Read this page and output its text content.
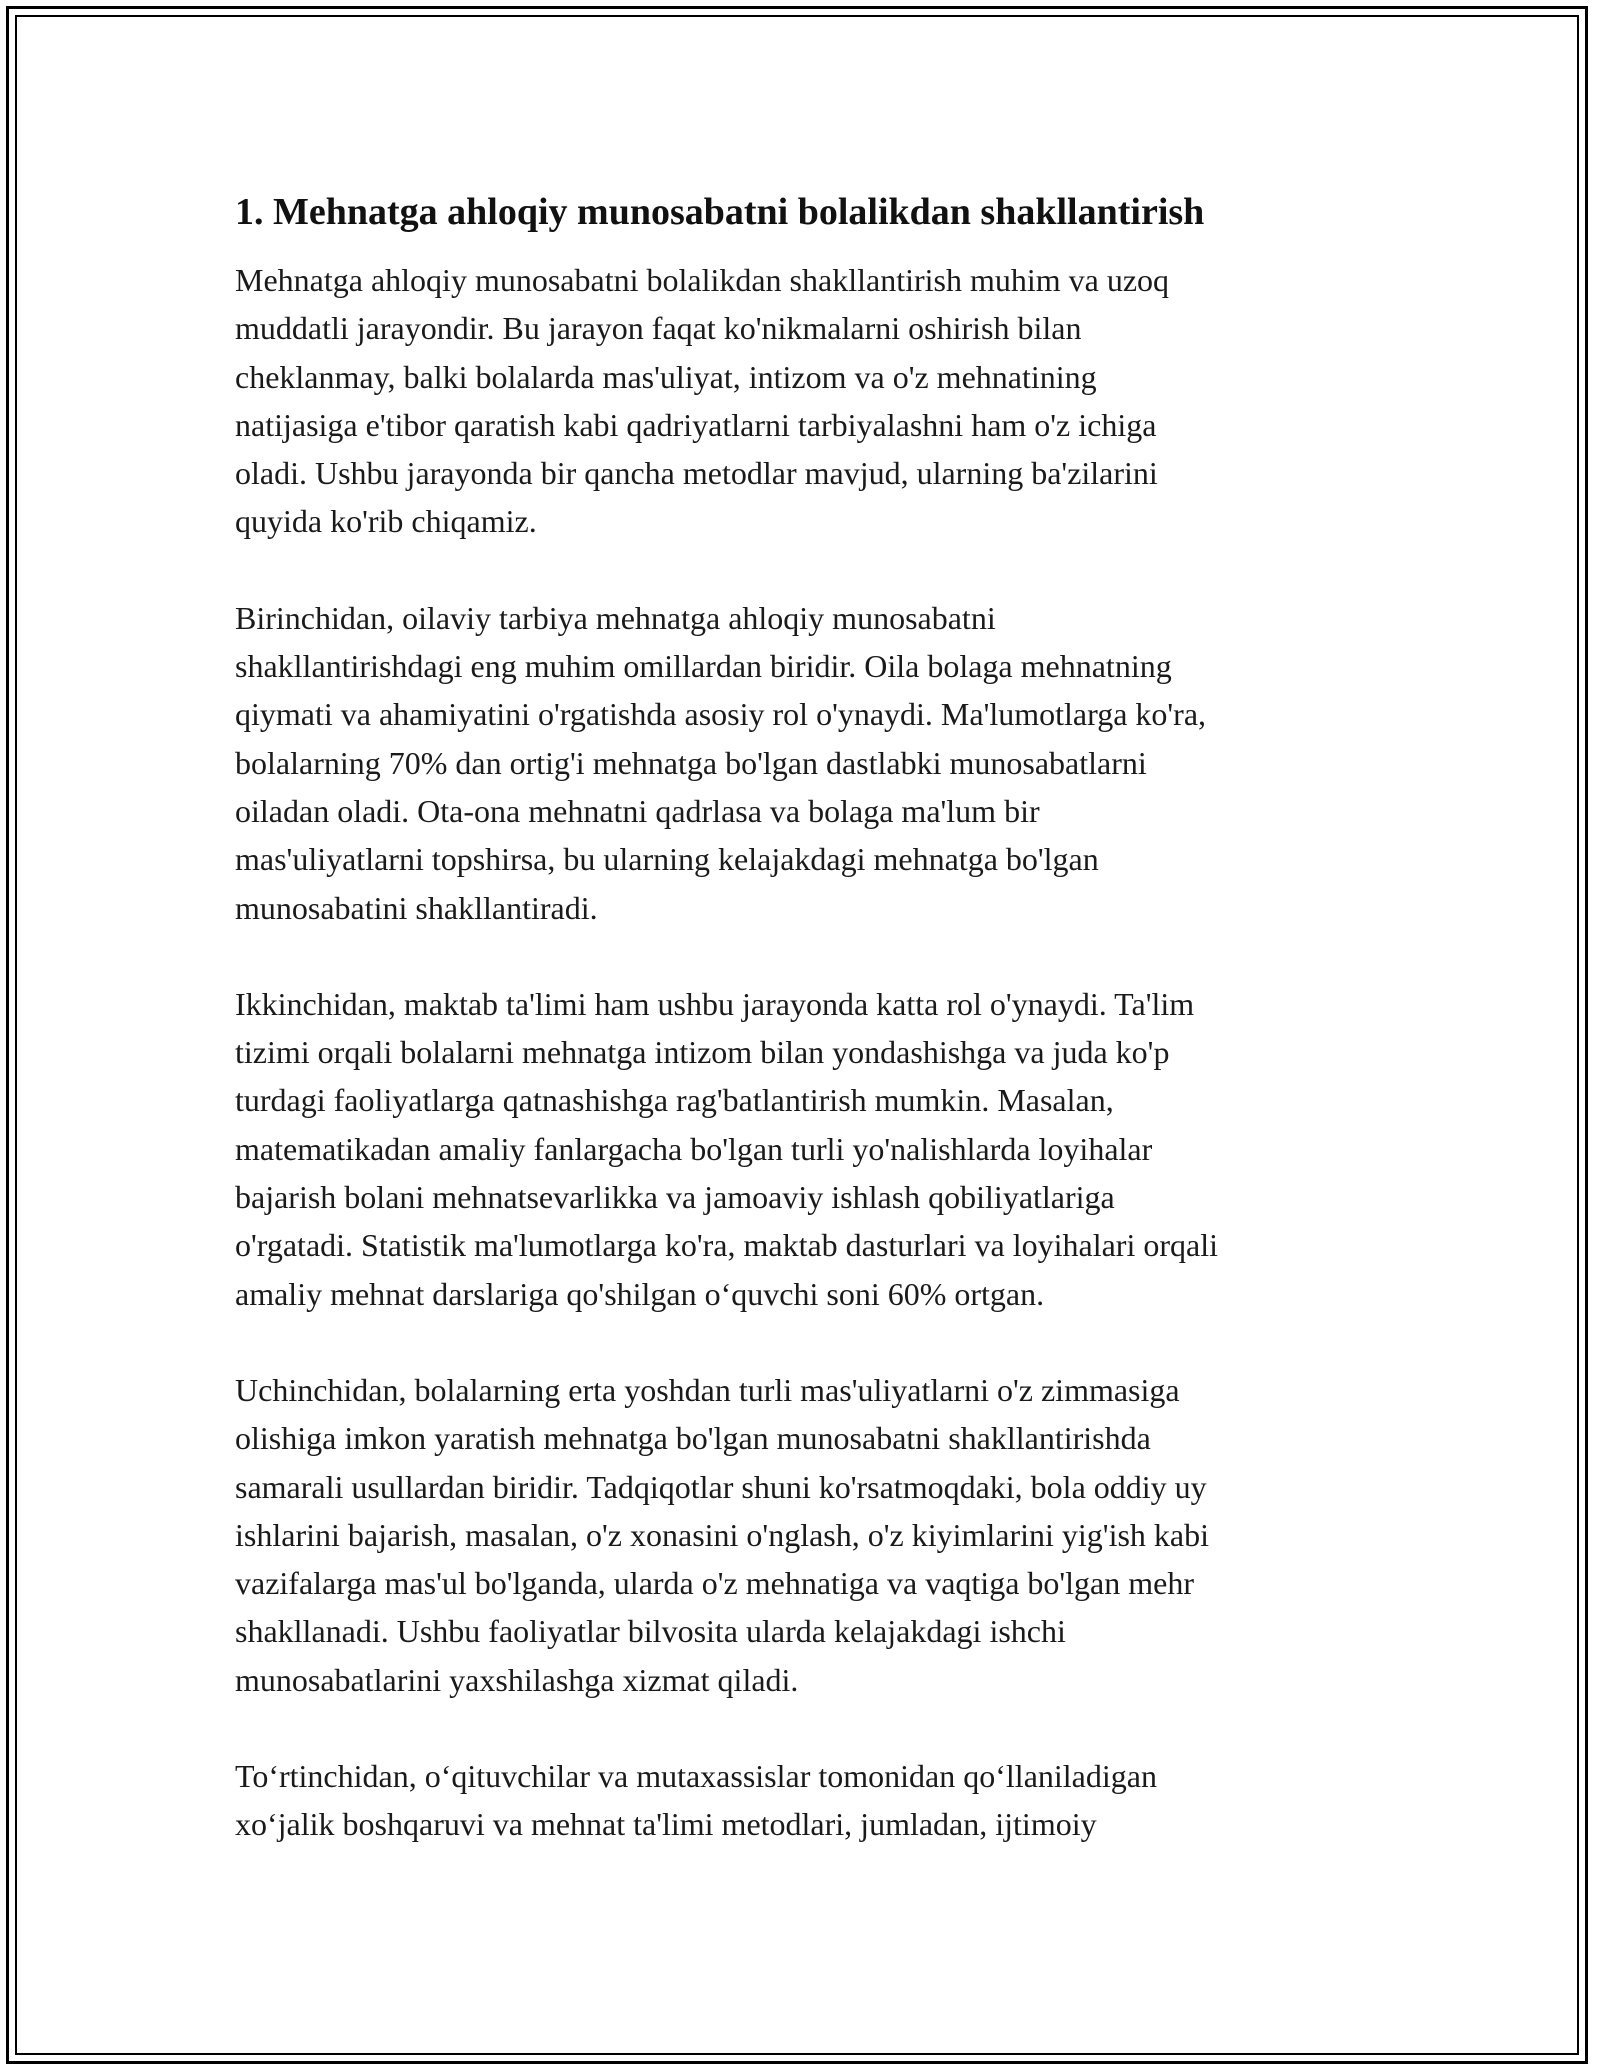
1. Mehnatga ahloqiy munosabatni bolalikdan shakllantirish

Mehnatga ahloqiy munosabatni bolalikdan shakllantirish muhim va uzoq
muddatli jarayondir. Bu jarayon faqat ko'nikmalarni oshirish bilan
cheklanmay, balki bolalarda mas'uliyat, intizom va o'z mehnatining
natijasiga e'tibor qaratish kabi qadriyatlarni tarbiyalashni ham o'z ichiga
oladi. Ushbu jarayonda bir qancha metodlar mavjud, ularning ba'zilarini
quyida ko'rib chiqamiz.

Birinchidan, oilaviy tarbiya mehnatga ahloqiy munosabatni
shakllantirishdagi eng muhim omillardan biridir. Oila bolaga mehnatning
qiymati va ahamiyatini o'rgatishda asosiy rol o'ynaydi. Ma'lumotlarga ko'ra,
bolalarning 70% dan ortig'i mehnatga bo'lgan dastlabki munosabatlarni
oiladan oladi. Ota-ona mehnatni qadrlasa va bolaga ma'lum bir
mas'uliyatlarni topshirsa, bu ularning kelajakdagi mehnatga bo'lgan
munosabatini shakllantiradi.

Ikkinchidan, maktab ta'limi ham ushbu jarayonda katta rol o'ynaydi. Ta'lim
tizimi orqali bolalarni mehnatga intizom bilan yondashishga va juda ko'p
turdagi faoliyatlarga qatnashishga rag'batlantirish mumkin. Masalan,
matematikadan amaliy fanlargacha bo'lgan turli yo'nalishlarda loyihalar
bajarish bolani mehnatsevarlikka va jamoaviy ishlash qobiliyatlariga
o'rgatadi. Statistik ma'lumotlarga ko'ra, maktab dasturlari va loyihalari orqali
amaliy mehnat darslariga qo'shilgan o‘quvchi soni 60% ortgan.

Uchinchidan, bolalarning erta yoshdan turli mas'uliyatlarni o'z zimmasiga
olishiga imkon yaratish mehnatga bo'lgan munosabatni shakllantirishda
samarali usullardan biridir. Tadqiqotlar shuni ko'rsatmoqdaki, bola oddiy uy
ishlarini bajarish, masalan, o'z xonasini o'nglash, o'z kiyimlarini yig'ish kabi
vazifalarga mas'ul bo'lganda, ularda o'z mehnatiga va vaqtiga bo'lgan mehr
shakllanadi. Ushbu faoliyatlar bilvosita ularda kelajakdagi ishchi
munosabatlarini yaxshilashga xizmat qiladi.

To‘rtinchidan, o‘qituvchilar va mutaxassislar tomonidan qo‘llaniladigan
xo‘jalik boshqaruvi va mehnat ta'limi metodlari, jumladan, ijtimoiy
